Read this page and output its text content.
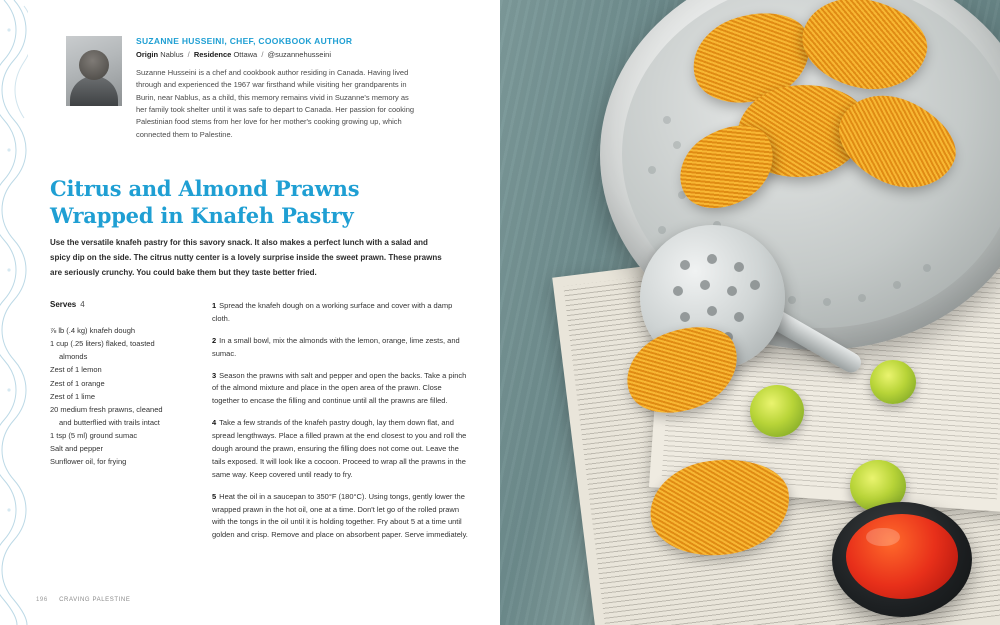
SUZANNE HUSSEINI, CHEF, COOKBOOK AUTHOR
Origin Nablus / Residence Ottawa / @suzannehusseini
Suzanne Husseini is a chef and cookbook author residing in Canada. Having lived through and experienced the 1967 war firsthand while visiting her grandparents in Burin, near Nablus, as a child, this memory remains vivid in Suzanne's memory as her family took shelter until it was safe to depart to Canada. Her passion for cooking Palestinian food stems from her love for her mother's cooking growing up, which connected them to Palestine.
Citrus and Almond Prawns Wrapped in Knafeh Pastry

Use the versatile knafeh pastry for this savory snack. It also makes a perfect lunch with a salad and spicy dip on the side. The citrus nutty center is a lovely surprise inside the sweet prawn. These prawns are seriously crunchy. You could bake them but they taste better fried.

Serves 4
⅞ lb (.4 kg) knafeh dough
1 cup (.25 liters) flaked, toasted
almonds
Zest of 1 lemon
Zest of 1 orange
Zest of 1 lime
20 medium fresh prawns, cleaned
and butterflied with trails intact
1 tsp (5 ml) ground sumac
Salt and pepper
Sunflower oil, for frying

1 Spread the knafeh dough on a working surface and cover with a damp cloth.

2 In a small bowl, mix the almonds with the lemon, orange, lime zests, and sumac.

3 Season the prawns with salt and pepper and open the backs. Take a pinch of the almond mixture and place in the open area of the prawn. Close together to encase the filling and continue until all the prawns are filled.

4 Take a few strands of the knafeh pastry dough, lay them down flat, and spread lengthways. Place a filled prawn at the end closest to you and roll the dough around the prawn, ensuring the filling does not come out. Leave the tails exposed. It will look like a cocoon. Proceed to wrap all the prawns in the same way. Keep covered until ready to fry.

5 Heat the oil in a saucepan to 350°F (180°C). Using tongs, gently lower the wrapped prawn in the hot oil, one at a time. Don't let go of the rolled prawn with the tongs in the oil until it is holding together. Fry about 5 at a time until golden and crisp. Remove and place on absorbent paper. Serve immediately.

196 CRAVING PALESTINE
